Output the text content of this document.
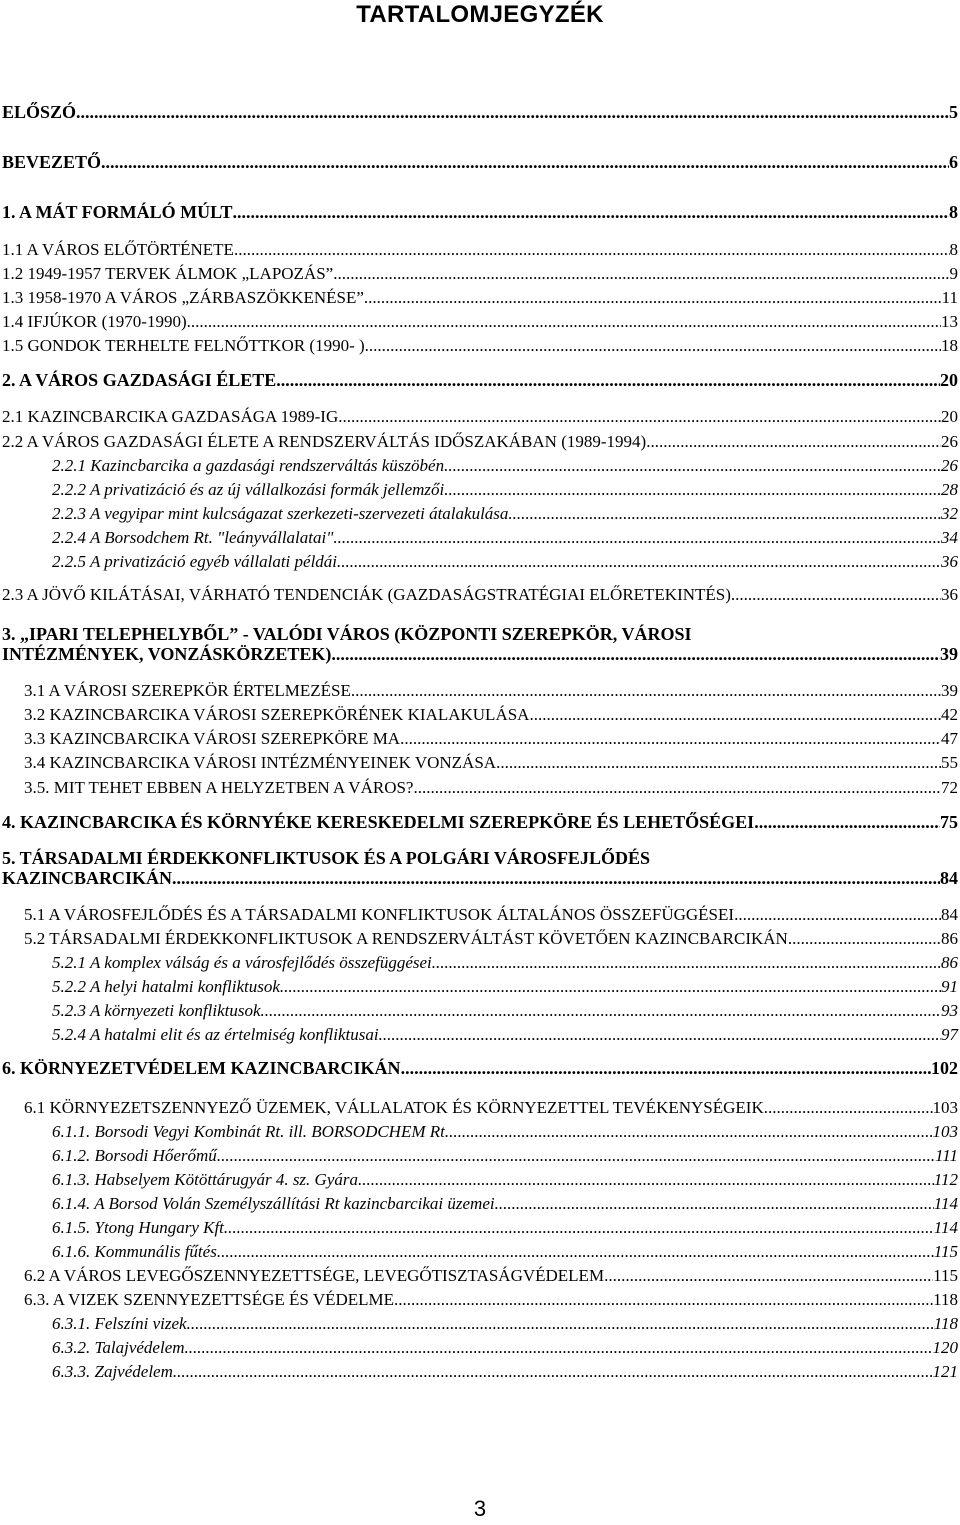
TARTALOMJEGYZÉK
ELŐSZÓ .....	5
BEVEZETŐ .....	6
1. A MÁT FORMÁLÓ MÚLT .....	8
1.1 A VÁROS ELŐTÖRTÉNETE .....	8
1.2 1949-1957 TERVEK ÁLMOK „LAPOZÁS” .....	9
1.3 1958-1970 A VÁROS „ZÁRBASZÖKKENÉSE” .....	11
1.4 IFJÚKOR (1970-1990) .....	13
1.5 GONDOK TERHELTE FELNŐTTKOR (1990- ) .....	18
2. A VÁROS GAZDASÁGI ÉLETE .....	20
2.1 KAZINCBARCIKA GAZDASÁGA 1989-IG .....	20
2.2 A VÁROS GAZDASÁGI ÉLETE A RENDSZERVÁLTÁS IDŐSZAKÁBAN (1989-1994) .....	26
2.2.1 Kazincbarcika a gazdasági rendszerváltás küszöbén .....	26
2.2.2 A privatizáció és az új vállalkozási formák jellemzői .....	28
2.2.3 A vegyipar mint kulcságazat szerkezeti-szervezeti átalakulása .....	32
2.2.4 A Borsodchem Rt. "leányvállalatai" .....	34
2.2.5 A privatizáció egyéb vállalati példái .....	36
2.3 A JÖVŐ KILÁTÁSAI, VÁRHATÓ TENDENCIÁK (GAZDASÁGSTRATÉGIAI ELŐRETEKINTÉS) .....	36
3. „IPARI TELEPHELYBŐL” - VALÓDI VÁROS (KÖZPONTI SZEREPKÖR, VÁROSI
INTÉZMÉNYEK, VONZÁSKÖRZETEK) .....	39
3.1 A VÁROSI SZEREPKÖR ÉRTELMEZÉSE .....	39
3.2 KAZINCBARCIKA VÁROSI SZEREPKÖRÉNEK KIALAKULÁSA .....	42
3.3 KAZINCBARCIKA VÁROSI SZEREPKÖRE MA .....	47
3.4 KAZINCBARCIKA VÁROSI INTÉZMÉNYEINEK VONZÁSA .....	55
3.5. MIT TEHET EBBEN A HELYZETBEN A VÁROS? .....	72
4. KAZINCBARCIKA ÉS KÖRNYÉKE KERESKEDELMI SZEREPKÖRE ÉS LEHETŐSÉGEI .....	75
5. TÁRSADALMI ÉRDEKKONFLIKTUSOK ÉS A POLGÁRI VÁROSFEJLŐDÉS
KAZINCBARCIKÁN .....	84
5.1 A VÁROSFEJLŐDÉS ÉS A TÁRSADALMI KONFLIKTUSOK ÁLTALÁNOS ÖSSZEFÜGGÉSEI .....	84
5.2 TÁRSADALMI ÉRDEKKONFLIKTUSOK A RENDSZERVÁLTÁST KÖVETŐEN KAZINCBARCIKÁN .....	86
5.2.1 A komplex válság és a városfejlődés összefüggései .....	86
5.2.2 A helyi hatalmi konfliktusok .....	91
5.2.3 A környezeti konfliktusok .....	93
5.2.4 A hatalmi elit és az értelmiség konfliktusai .....	97
6. KÖRNYEZETVÉDELEM KAZINCBARCIKÁN .....	102
6.1 KÖRNYEZETSZENNYEZŐ ÜZEMEK, VÁLLALATOK ÉS KÖRNYEZETTEL TEVÉKENYSÉGEIK .....	103
6.1.1. Borsodi Vegyi Kombinát Rt. ill. BORSODCHEM Rt .....	103
6.1.2. Borsodi Hőerőmű .....	111
6.1.3. Habselyem Kötöttárugyár 4. sz. Gyára .....	112
6.1.4. A Borsod Volán Személyszállítási Rt kazincbarcikai üzemei .....	114
6.1.5. Ytong Hungary Kft .....	114
6.1.6. Kommunális fűtés .....	115
6.2 A VÁROS LEVEGŐSZENNYEZETTSÉGE, LEVEGŐTISZTASÁGVÉDELEM .....	115
6.3. A VIZEK SZENNYEZETTSÉGE ÉS VÉDELME .....	118
6.3.1. Felszíni vizek .....	118
6.3.2. Talajvédelem .....	120
6.3.3. Zajvédelem .....	121
3
